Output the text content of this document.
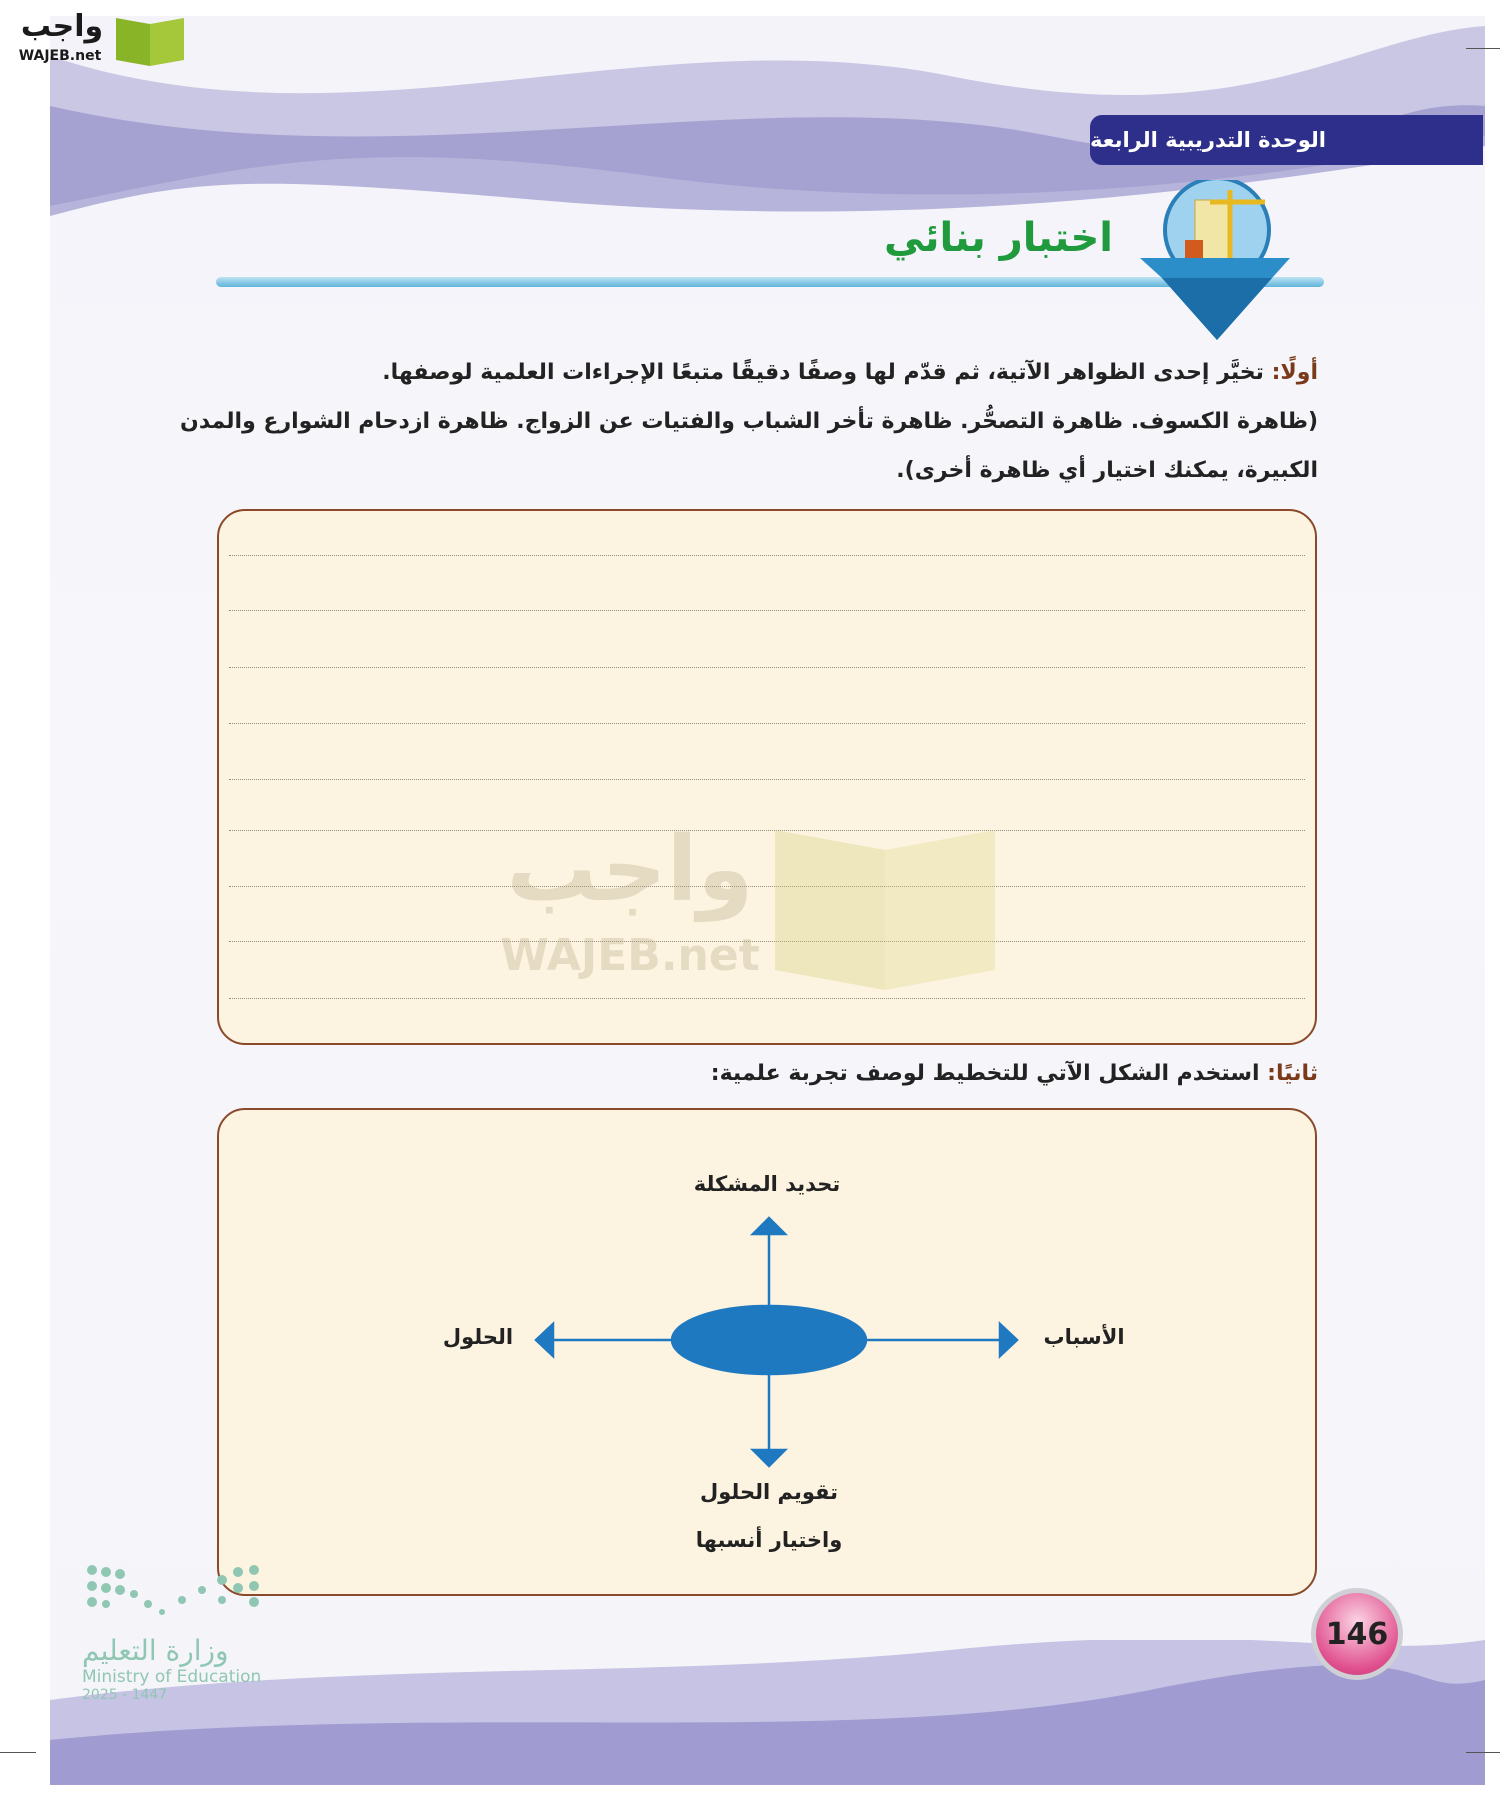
واجب
WAJEB.net
الوحدة التدريبية الرابعة
اختبار بنائي
أولًا: تخيَّر إحدى الظواهر الآتية، ثم قدّم لها وصفًا دقيقًا متبعًا الإجراءات العلمية لوصفها.
(ظاهرة الكسوف. ظاهرة التصحُّر. ظاهرة تأخر الشباب والفتيات عن الزواج. ظاهرة ازدحام الشوارع والمدن
الكبيرة، يمكنك اختيار أي ظاهرة أخرى).
واجب
WAJEB.net
ثانيًا: استخدم الشكل الآتي للتخطيط لوصف تجربة علمية:
تحديد المشكلة
الأسباب
الحلول
تقويم الحلول
واختيار أنسبها
146
وزارة التعليم
Ministry of Education
2025 - 1447
